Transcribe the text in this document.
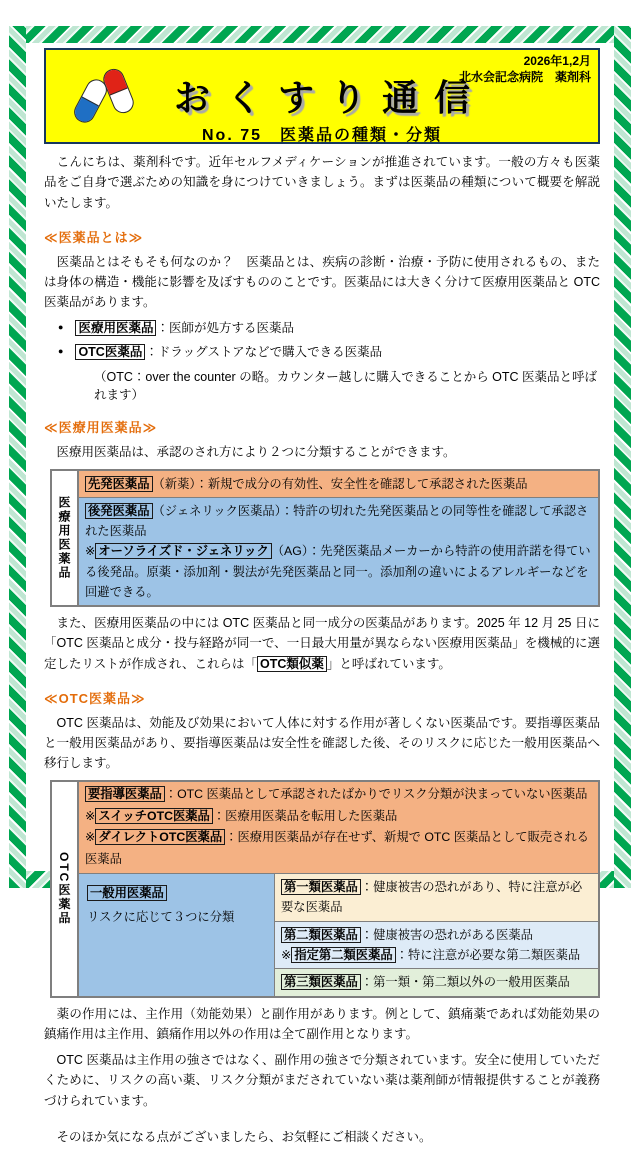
2026年1,2月
北水会記念病院　薬剤科
おくすり通信
No. 75　医薬品の種類・分類

　こんにちは、薬剤科です。近年セルフメディケーションが推進されています。一般の方々も医薬品をご自身で選ぶための知識を身につけていきましょう。まずは医薬品の種類について概要を解説いたします。

≪医薬品とは≫

　医薬品とはそもそも何なのか？　医薬品とは、疾病の診断・治療・予防に使用されるもの、または身体の構造・機能に影響を及ぼすもののことです。医薬品には大きく分けて医療用医薬品と OTC 医薬品があります。

● 医療用医薬品 ：医師が処方する医薬品
● OTC医薬品 ：ドラッグストアなどで購入できる医薬品
（OTC：over the counter の略。カウンター越しに購入できることから OTC 医薬品と呼ばれます）
≪医療用医薬品≫

　医療用医薬品は、承認のされ方により２つに分類することができます。

医療用医薬品
先発医薬品 （新薬）：新規で成分の有効性、安全性を確認して承認された医薬品
後発医薬品 （ジェネリック医薬品）：特許の切れた先発医薬品との同等性を確認して承認された医薬品
※ オーソライズド・ジェネリック （AG）：先発医薬品メーカーから特許の使用許諾を得ている後発品。原薬・添加剤・製法が先発医薬品と同一。添加剤の違いによるアレルギーなどを回避できる。

　また、医療用医薬品の中には OTC 医薬品と同一成分の医薬品があります。2025 年 12 月 25 日に「OTC 医薬品と成分・投与経路が同一で、一日最大用量が異ならない医療用医薬品」を機械的に選定したリストが作成され、これらは「 OTC類似薬 」と呼ばれています。

≪OTC医薬品≫

　OTC 医薬品は、効能及び効果において人体に対する作用が著しくない医薬品です。要指導医薬品と一般用医薬品があり、要指導医薬品は安全性を確認した後、そのリスクに応じた一般用医薬品へ移行します。

OTC医薬品
要指導医薬品 ：OTC 医薬品として承認されたばかりでリスク分類が決まっていない医薬品
※ スイッチOTC医薬品 ：医療用医薬品を転用した医薬品
※ ダイレクトOTC医薬品 ：医療用医薬品が存在せず、新規で OTC 医薬品として販売される医薬品
一般用医薬品
リスクに応じて３つに分類
第一類医薬品 ：健康被害の恐れがあり、特に注意が必要な医薬品
第二類医薬品 ：健康被害の恐れがある医薬品
※ 指定第二類医薬品 ：特に注意が必要な第二類医薬品
第三類医薬品 ：第一類・第二類以外の一般用医薬品

　薬の作用には、主作用（効能効果）と副作用があります。例として、鎮痛薬であれば効能効果の鎮痛作用は主作用、鎮痛作用以外の作用は全て副作用となります。

　OTC 医薬品は主作用の強さではなく、副作用の強さで分類されています。安全に使用していただくために、リスクの高い薬、リスク分類がまだされていない薬は薬剤師が情報提供することが義務づけられています。

　そのほか気になる点がございましたら、お気軽にご相談ください。
